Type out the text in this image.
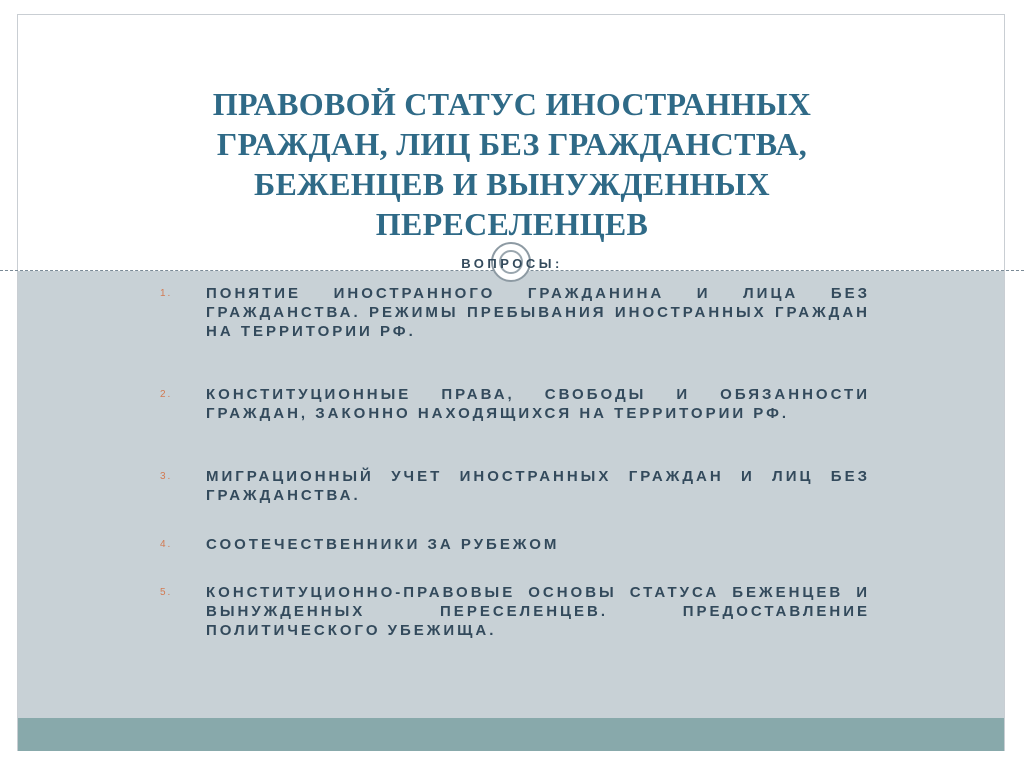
ПРАВОВОЙ СТАТУС ИНОСТРАННЫХ ГРАЖДАН, ЛИЦ БЕЗ ГРАЖДАНСТВА, БЕЖЕНЦЕВ И ВЫНУЖДЕННЫХ ПЕРЕСЕЛЕНЦЕВ

ВОПРОСЫ:

1. ПОНЯТИЕ ИНОСТРАННОГО ГРАЖДАНИНА И ЛИЦА БЕЗ ГРАЖДАНСТВА. РЕЖИМЫ ПРЕБЫВАНИЯ ИНОСТРАННЫХ ГРАЖДАН НА ТЕРРИТОРИИ РФ.
2. КОНСТИТУЦИОННЫЕ ПРАВА, СВОБОДЫ И ОБЯЗАННОСТИ ГРАЖДАН, ЗАКОННО НАХОДЯЩИХСЯ НА ТЕРРИТОРИИ РФ.
3. МИГРАЦИОННЫЙ УЧЕТ ИНОСТРАННЫХ ГРАЖДАН И ЛИЦ БЕЗ ГРАЖДАНСТВА.
4. СООТЕЧЕСТВЕННИКИ ЗА РУБЕЖОМ
5. КОНСТИТУЦИОННО-ПРАВОВЫЕ ОСНОВЫ СТАТУСА БЕЖЕНЦЕВ И ВЫНУЖДЕННЫХ ПЕРЕСЕЛЕНЦЕВ. ПРЕДОСТАВЛЕНИЕ ПОЛИТИЧЕСКОГО УБЕЖИЩА.
